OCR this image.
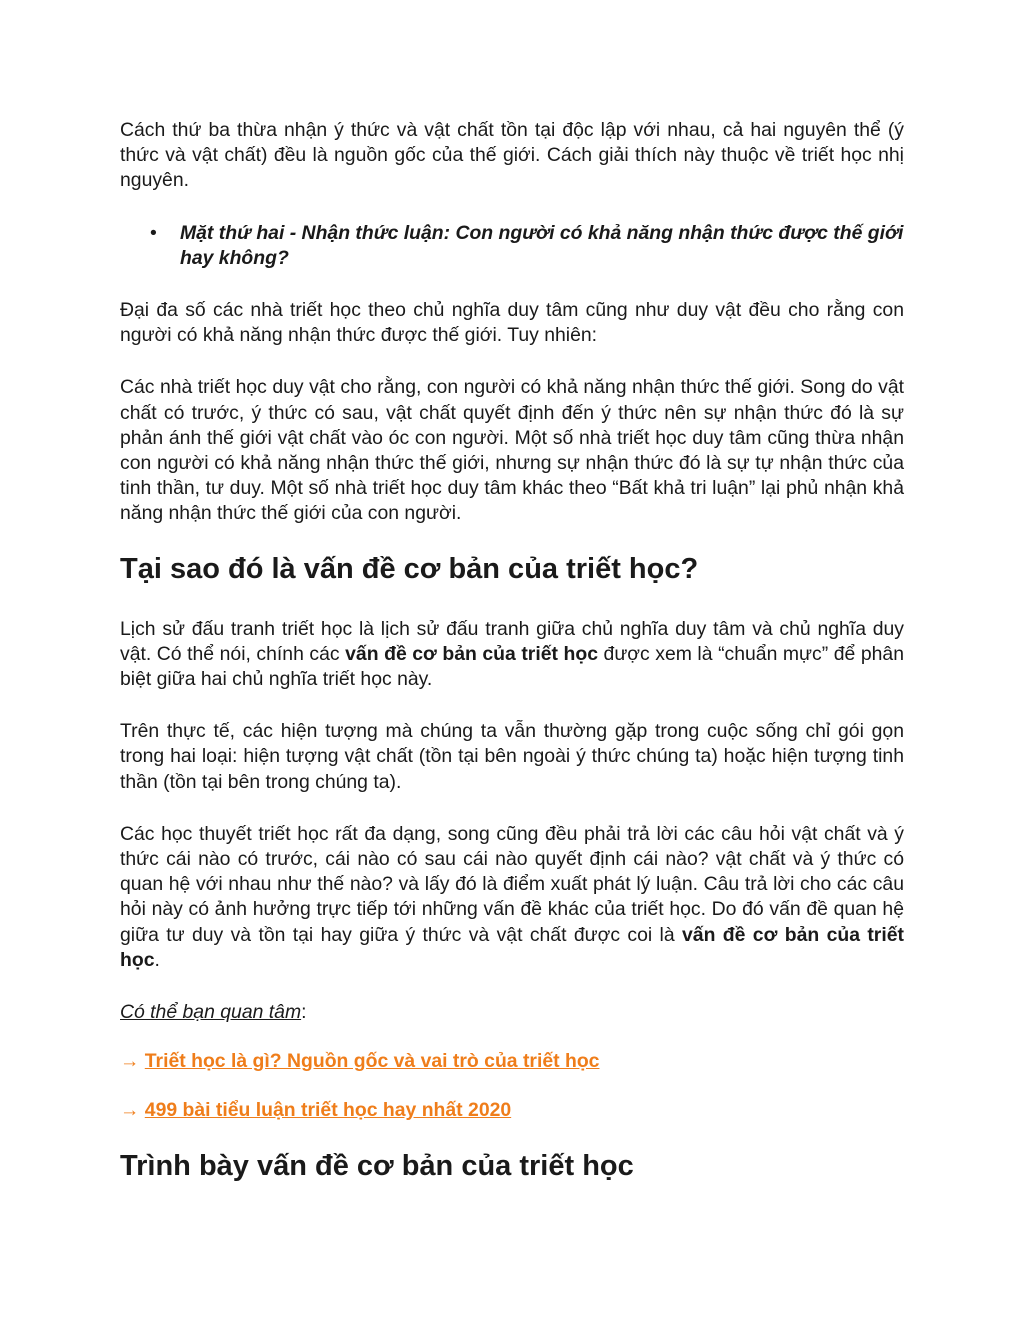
Cách thứ ba thừa nhận ý thức và vật chất tồn tại độc lập với nhau, cả hai nguyên thể (ý thức và vật chất) đều là nguồn gốc của thế giới. Cách giải thích này thuộc về triết học nhị nguyên.

• Mặt thứ hai - Nhận thức luận: Con người có khả năng nhận thức được thế giới hay không?

Đại đa số các nhà triết học theo chủ nghĩa duy tâm cũng như duy vật đều cho rằng con người có khả năng nhận thức được thế giới. Tuy nhiên:

Các nhà triết học duy vật cho rằng, con người có khả năng nhận thức thế giới. Song do vật chất có trước, ý thức có sau, vật chất quyết định đến ý thức nên sự nhận thức đó là sự phản ánh thế giới vật chất vào óc con người. Một số nhà triết học duy tâm cũng thừa nhận con người có khả năng nhận thức thế giới, nhưng sự nhận thức đó là sự tự nhận thức của tinh thần, tư duy. Một số nhà triết học duy tâm khác theo “Bất khả tri luận” lại phủ nhận khả năng nhận thức thế giới của con người.

Tại sao đó là vấn đề cơ bản của triết học?

Lịch sử đấu tranh triết học là lịch sử đấu tranh giữa chủ nghĩa duy tâm và chủ nghĩa duy vật. Có thể nói, chính các vấn đề cơ bản của triết học được xem là “chuẩn mực” để phân biệt giữa hai chủ nghĩa triết học này.

Trên thực tế, các hiện tượng mà chúng ta vẫn thường gặp trong cuộc sống chỉ gói gọn trong hai loại: hiện tượng vật chất (tồn tại bên ngoài ý thức chúng ta) hoặc hiện tượng tinh thần (tồn tại bên trong chúng ta).

Các học thuyết triết học rất đa dạng, song cũng đều phải trả lời các câu hỏi vật chất và ý thức cái nào có trước, cái nào có sau cái nào quyết định cái nào? vật chất và ý thức có quan hệ với nhau như thế nào? và lấy đó là điểm xuất phát lý luận. Câu trả lời cho các câu hỏi này có ảnh hưởng trực tiếp tới những vấn đề khác của triết học. Do đó vấn đề quan hệ giữa tư duy và tồn tại hay giữa ý thức và vật chất được coi là vấn đề cơ bản của triết học.

Có thể bạn quan tâm:

→ Triết học là gì? Nguồn gốc và vai trò của triết học

→ 499 bài tiểu luận triết học hay nhất 2020

Trình bày vấn đề cơ bản của triết học
